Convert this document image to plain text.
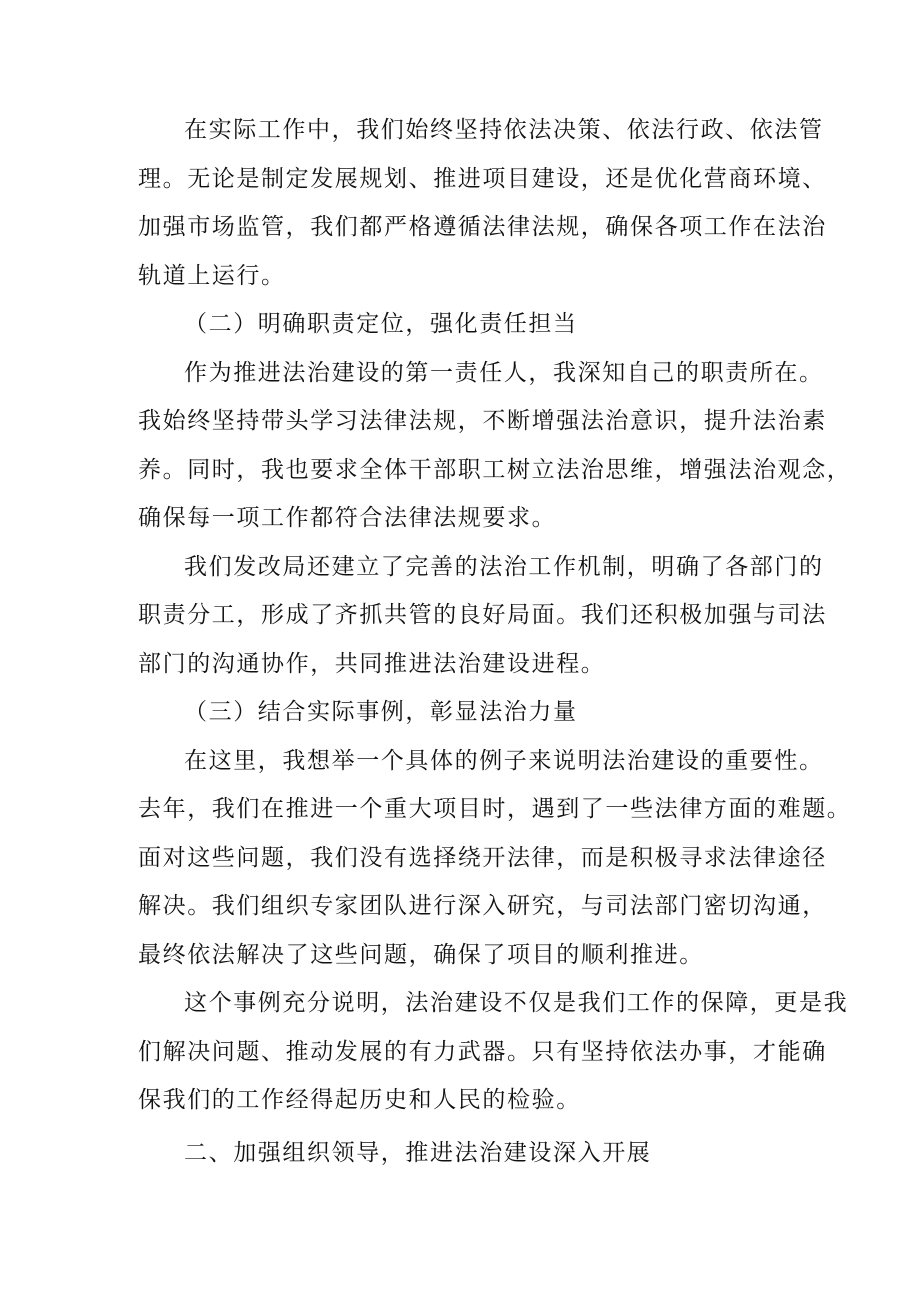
在实际工作中，我们始终坚持依法决策、依法行政、依法管
理。无论是制定发展规划、推进项目建设，还是优化营商环境、
加强市场监管，我们都严格遵循法律法规，确保各项工作在法治
轨道上运行。

（二）明确职责定位，强化责任担当

作为推进法治建设的第一责任人，我深知自己的职责所在。
我始终坚持带头学习法律法规，不断增强法治意识，提升法治素
养。同时，我也要求全体干部职工树立法治思维，增强法治观念，
确保每一项工作都符合法律法规要求。

我们发改局还建立了完善的法治工作机制，明确了各部门的
职责分工，形成了齐抓共管的良好局面。我们还积极加强与司法
部门的沟通协作，共同推进法治建设进程。

（三）结合实际事例，彰显法治力量

在这里，我想举一个具体的例子来说明法治建设的重要性。
去年，我们在推进一个重大项目时，遇到了一些法律方面的难题。
面对这些问题，我们没有选择绕开法律，而是积极寻求法律途径
解决。我们组织专家团队进行深入研究，与司法部门密切沟通，
最终依法解决了这些问题，确保了项目的顺利推进。

这个事例充分说明，法治建设不仅是我们工作的保障，更是我
们解决问题、推动发展的有力武器。只有坚持依法办事，才能确
保我们的工作经得起历史和人民的检验。

二、加强组织领导，推进法治建设深入开展
